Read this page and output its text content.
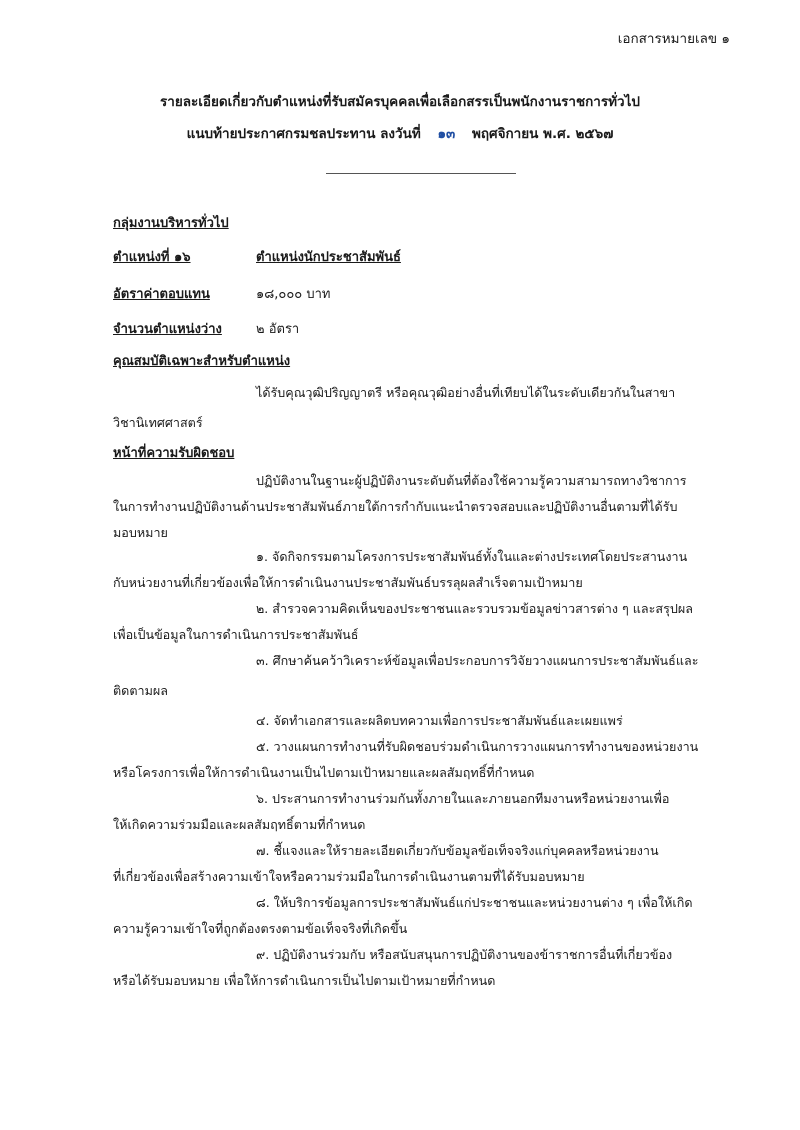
เอกสารหมายเลข ๑
รายละเอียดเกี่ยวกับตำแหน่งที่รับสมัครบุคคลเพื่อเลือกสรรเป็นพนักงานราชการทั่วไป
แนบท้ายประกาศกรมชลประทาน ลงวันที่ ๑๓ พฤศจิกายน พ.ศ. ๒๕๖๗
กลุ่มงานบริหารทั่วไป
ตำแหน่งที่ ๑๖	ตำแหน่งนักประชาสัมพันธ์
อัตราค่าตอบแทน	๑๘,๐๐๐ บาท
จำนวนตำแหน่งว่าง	๒ อัตรา
คุณสมบัติเฉพาะสำหรับตำแหน่ง
ได้รับคุณวุฒิปริญญาตรี หรือคุณวุฒิอย่างอื่นที่เทียบได้ในระดับเดียวกันในสาขา
วิชานิเทศศาสตร์
หน้าที่ความรับผิดชอบ
ปฏิบัติงานในฐานะผู้ปฏิบัติงานระดับต้นที่ต้องใช้ความรู้ความสามารถทางวิชาการ
ในการทำงานปฏิบัติงานด้านประชาสัมพันธ์ภายใต้การกำกับแนะนำตรวจสอบและปฏิบัติงานอื่นตามที่ได้รับ
มอบหมาย
๑. จัดกิจกรรมตามโครงการประชาสัมพันธ์ทั้งในและต่างประเทศโดยประสานงาน
กับหน่วยงานที่เกี่ยวข้องเพื่อให้การดำเนินงานประชาสัมพันธ์บรรลุผลสำเร็จตามเป้าหมาย
๒. สำรวจความคิดเห็นของประชาชนและรวบรวมข้อมูลข่าวสารต่าง ๆ และสรุปผล
เพื่อเป็นข้อมูลในการดำเนินการประชาสัมพันธ์
๓. ศึกษาค้นคว้าวิเคราะห์ข้อมูลเพื่อประกอบการวิจัยวางแผนการประชาสัมพันธ์และ
ติดตามผล
๔. จัดทำเอกสารและผลิตบทความเพื่อการประชาสัมพันธ์และเผยแพร่
๕. วางแผนการทำงานที่รับผิดชอบร่วมดำเนินการวางแผนการทำงานของหน่วยงาน
หรือโครงการเพื่อให้การดำเนินงานเป็นไปตามเป้าหมายและผลสัมฤทธิ์ที่กำหนด
๖. ประสานการทำงานร่วมกันทั้งภายในและภายนอกทีมงานหรือหน่วยงานเพื่อ
ให้เกิดความร่วมมือและผลสัมฤทธิ์ตามที่กำหนด
๗. ชี้แจงและให้รายละเอียดเกี่ยวกับข้อมูลข้อเท็จจริงแก่บุคคลหรือหน่วยงาน
ที่เกี่ยวข้องเพื่อสร้างความเข้าใจหรือความร่วมมือในการดำเนินงานตามที่ได้รับมอบหมาย
๘. ให้บริการข้อมูลการประชาสัมพันธ์แก่ประชาชนและหน่วยงานต่าง ๆ เพื่อให้เกิด
ความรู้ความเข้าใจที่ถูกต้องตรงตามข้อเท็จจริงที่เกิดขึ้น
๙. ปฏิบัติงานร่วมกับ หรือสนับสนุนการปฏิบัติงานของข้าราชการอื่นที่เกี่ยวข้อง
หรือได้รับมอบหมาย เพื่อให้การดำเนินการเป็นไปตามเป้าหมายที่กำหนด
